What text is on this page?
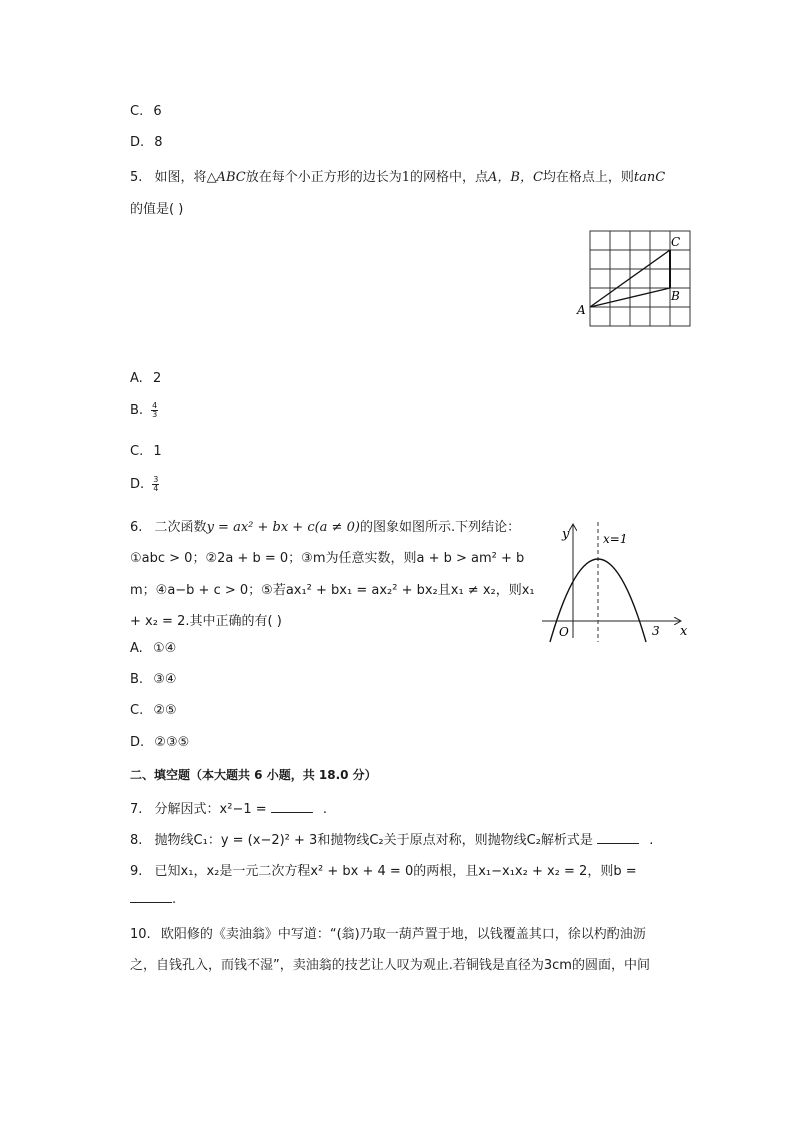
C. 6
D. 8
5. 如图，将△ABC放在每个小正方形的边长为1的网格中，点A，B，C均在格点上，则tanC
的值是( )
A
C
B
A. 2
B. $\frac{4}{3}$
C. 1
D. $\frac{3}{4}$
6. 二次函数y = ax² + bx + c(a ≠ 0)的图象如图所示.下列结论：
①abc > 0；②2a + b = 0；③m为任意实数，则a + b > am² + b
m；④a−b + c > 0；⑤若ax₁² + bx₁ = ax₂² + bx₂且x₁ ≠ x₂，则x₁
+ x₂ = 2.其中正确的有( )
y
x
O
x=1
3
A. ①④
B. ③④
C. ②⑤
D. ②③⑤
二、填空题（本大题共 6 小题，共 18.0 分）
7. 分解因式：x²−1 =	.
8. 抛物线C₁：y = (x−2)² + 3和抛物线C₂关于原点对称，则抛物线C₂解析式是	.
9. 已知x₁，x₂是一元二次方程x² + bx + 4 = 0的两根，且x₁−x₁x₂ + x₂ = 2，则b =
.
10. 欧阳修的《卖油翁》中写道：“(翁)乃取一葫芦置于地，以钱覆盖其口，徐以杓酌油沥
之，自钱孔入，而钱不湿”，卖油翁的技艺让人叹为观止.若铜钱是直径为3cm的圆面，中间
